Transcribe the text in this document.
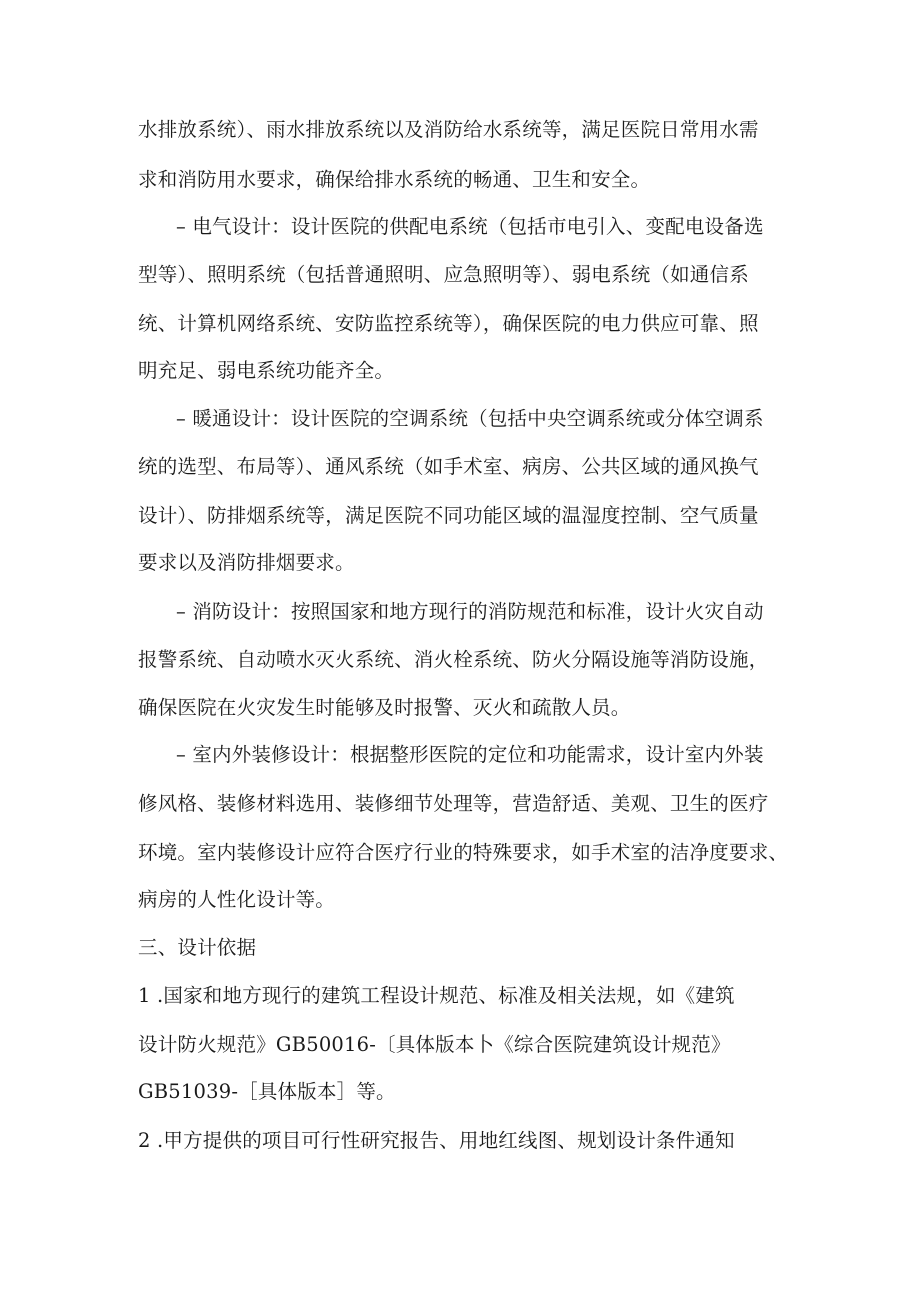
水排放系统）、雨水排放系统以及消防给水系统等，满足医院日常用水需
求和消防用水要求，确保给排水系统的畅通、卫生和安全。
– 电气设计：设计医院的供配电系统（包括市电引入、变配电设备选
型等）、照明系统（包括普通照明、应急照明等）、弱电系统（如通信系
统、计算机网络系统、安防监控系统等），确保医院的电力供应可靠、照
明充足、弱电系统功能齐全。
– 暖通设计：设计医院的空调系统（包括中央空调系统或分体空调系
统的选型、布局等）、通风系统（如手术室、病房、公共区域的通风换气
设计）、防排烟系统等，满足医院不同功能区域的温湿度控制、空气质量
要求以及消防排烟要求。
– 消防设计：按照国家和地方现行的消防规范和标准，设计火灾自动
报警系统、自动喷水灭火系统、消火栓系统、防火分隔设施等消防设施，
确保医院在火灾发生时能够及时报警、灭火和疏散人员。
– 室内外装修设计：根据整形医院的定位和功能需求，设计室内外装
修风格、装修材料选用、装修细节处理等，营造舒适、美观、卫生的医疗
环境。室内装修设计应符合医疗行业的特殊要求，如手术室的洁净度要求、
病房的人性化设计等。
三、设计依据
1 .国家和地方现行的建筑工程设计规范、标准及相关法规，如《建筑
设计防火规范》GB50016-〔具体版本卜《综合医院建筑设计规范》
GB51039-［具体版本］等。
2 .甲方提供的项目可行性研究报告、用地红线图、规划设计条件通知
